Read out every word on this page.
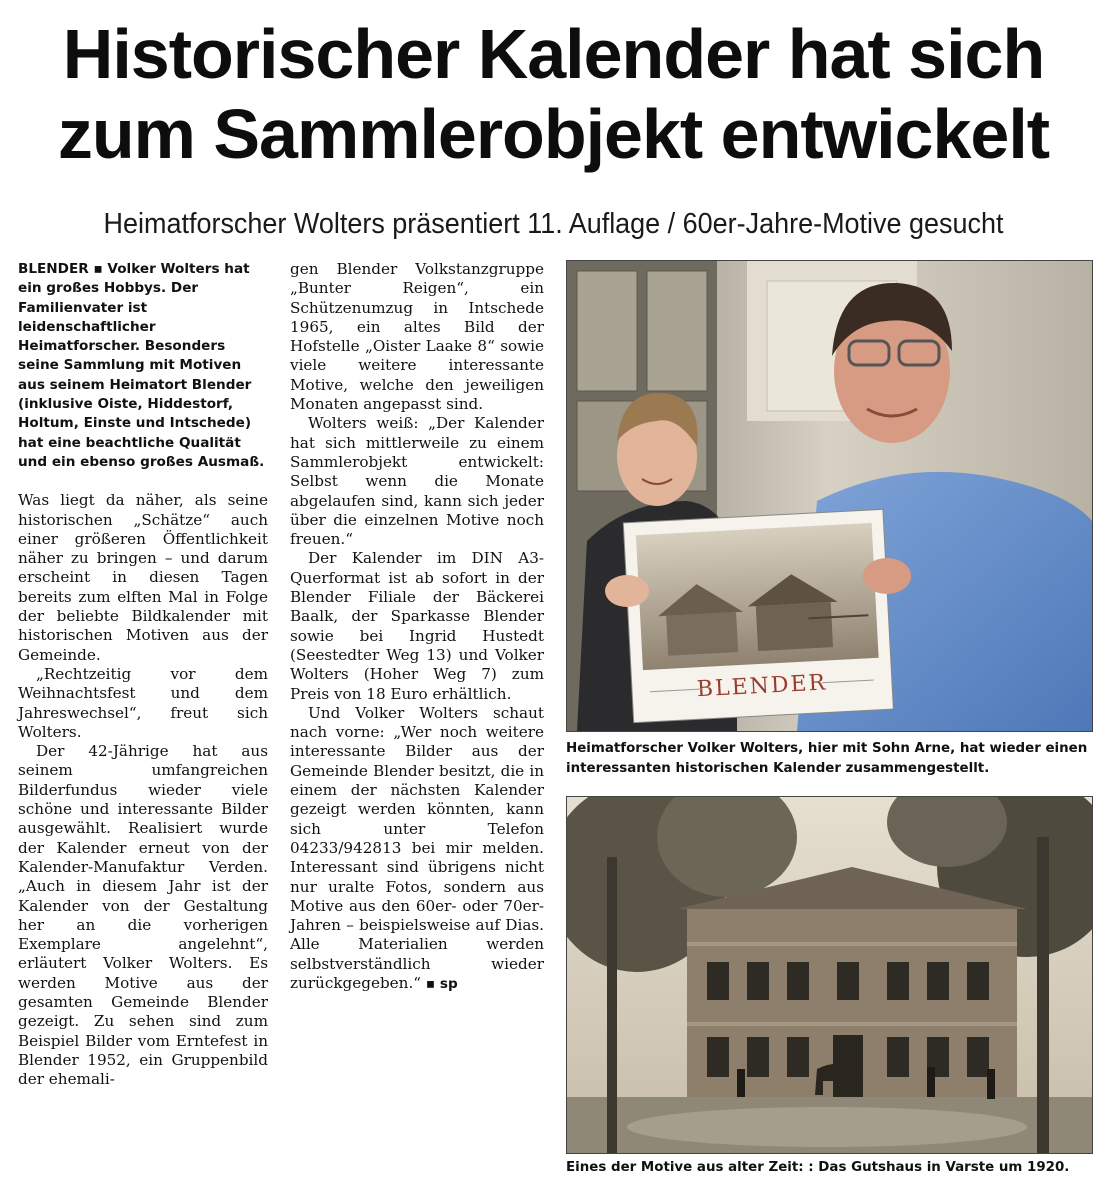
Historischer Kalender hat sich
zum Sammlerobjekt entwickelt
Heimatforscher Wolters präsentiert 11. Auflage / 60er-Jahre-Motive gesucht

BLENDER ▪ Volker Wolters hat ein großes Hobbys. Der Familienvater ist leidenschaftlicher Heimatforscher. Besonders seine Sammlung mit Motiven aus seinem Heimatort Blender (inklusive Oiste, Hiddestorf, Holtum, Einste und Intschede) hat eine beachtliche Qualität und ein ebenso großes Ausmaß.

Was liegt da näher, als seine historischen „Schätze“ auch einer größeren Öffentlichkeit näher zu bringen – und darum erscheint in diesen Tagen bereits zum elften Mal in Folge der beliebte Bildkalender mit historischen Motiven aus der Gemeinde.

„Rechtzeitig vor dem Weihnachtsfest und dem Jahreswechsel“, freut sich Wolters.

Der 42-Jährige hat aus seinem umfangreichen Bilderfundus wieder viele schöne und interessante Bilder ausgewählt. Realisiert wurde der Kalender erneut von der Kalender-Manufaktur Verden. „Auch in diesem Jahr ist der Kalender von der Gestaltung her an die vorherigen Exemplare angelehnt“, erläutert Volker Wolters. Es werden Motive aus der gesamten Gemeinde Blender gezeigt. Zu sehen sind zum Beispiel Bilder vom Erntefest in Blender 1952, ein Gruppenbild der ehemali-

gen Blender Volkstanzgruppe „Bunter Reigen“, ein Schützenumzug in Intschede 1965, ein altes Bild der Hofstelle „Oister Laake 8“ sowie viele weitere interessante Motive, welche den jeweiligen Monaten angepasst sind.

Wolters weiß: „Der Kalender hat sich mittlerweile zu einem Sammlerobjekt entwickelt: Selbst wenn die Monate abgelaufen sind, kann sich jeder über die einzelnen Motive noch freuen.“

Der Kalender im DIN A3-Querformat ist ab sofort in der Blender Filiale der Bäckerei Baalk, der Sparkasse Blender sowie bei Ingrid Hustedt (Seestedter Weg 13) und Volker Wolters (Hoher Weg 7) zum Preis von 18 Euro erhältlich.

Und Volker Wolters schaut nach vorne: „Wer noch weitere interessante Bilder aus der Gemeinde Blender besitzt, die in einem der nächsten Kalender gezeigt werden könnten, kann sich unter Telefon 04233/942813 bei mir melden. Interessant sind übrigens nicht nur uralte Fotos, sondern aus Motive aus den 60er- oder 70er-Jahren – beispielsweise auf Dias. Alle Materialien werden selbstverständlich wieder zurückgegeben.“ ▪ sp

BLENDER
Heimatforscher Volker Wolters, hier mit Sohn Arne, hat wieder einen interessanten historischen Kalender zusammengestellt.
Eines der Motive aus alter Zeit: : Das Gutshaus in Varste um 1920.
